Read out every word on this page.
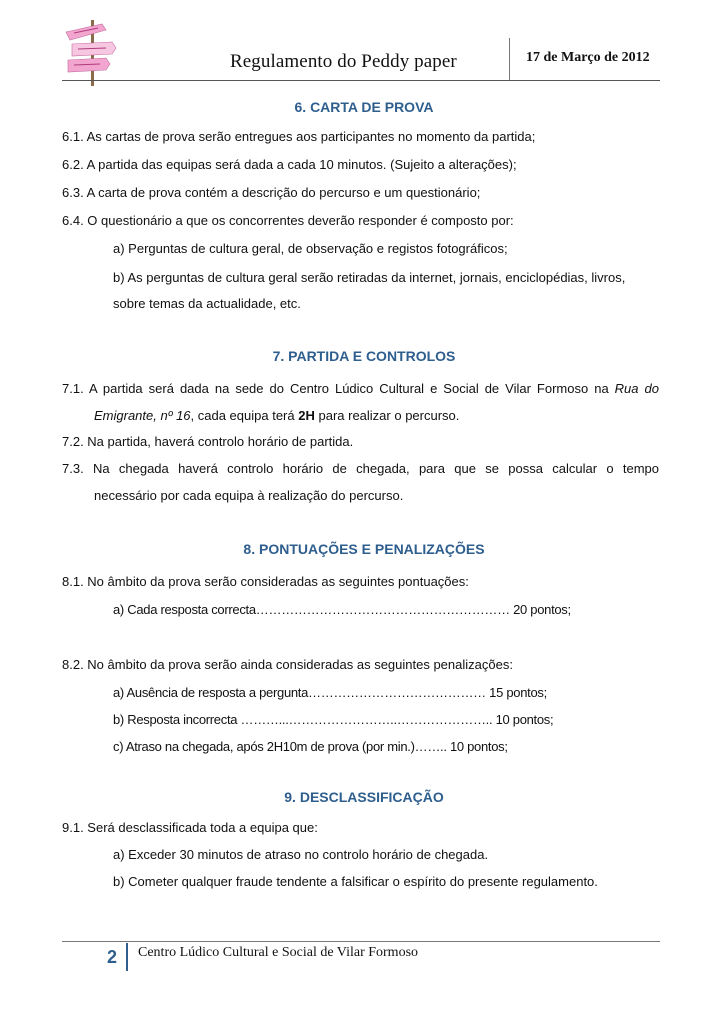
Regulamento do Peddy paper	17 de Março de 2012
6. CARTA DE PROVA
6.1. As cartas de prova serão entregues aos participantes no momento da partida;
6.2. A partida das equipas será dada a cada 10 minutos. (Sujeito a alterações);
6.3. A carta de prova contém a descrição do percurso e um questionário;
6.4. O questionário a que os concorrentes deverão responder é composto por:
a) Perguntas de cultura geral, de observação e registos fotográficos;
b) As perguntas de cultura geral serão retiradas da internet, jornais, enciclopédias, livros,
sobre temas da actualidade, etc.
7. PARTIDA E CONTROLOS
7.1. A partida será dada na sede do Centro Lúdico Cultural e Social de Vilar Formoso na Rua do
Emigrante, nº 16, cada equipa terá 2H para realizar o percurso.
7.2. Na partida, haverá controlo horário de partida.
7.3. Na chegada haverá controlo horário de chegada, para que se possa calcular o tempo
necessário por cada equipa à realização do percurso.
8. PONTUAÇÕES E PENALIZAÇÕES
8.1. No âmbito da prova serão consideradas as seguintes pontuações:
a) Cada resposta correcta…………………………………………………… 20 pontos;
8.2. No âmbito da prova serão ainda consideradas as seguintes penalizações:
a) Ausência de resposta a pergunta…………………………………… 15 pontos;
b) Resposta incorrecta ………...……………………..………………….. 10 pontos;
c) Atraso na chegada, após 2H10m de prova (por min.)…….. 10 pontos;
9. DESCLASSIFICAÇÃO
9.1. Será desclassificada toda a equipa que:
a) Exceder 30 minutos de atraso no controlo horário de chegada.
b) Cometer qualquer fraude tendente a falsificar o espírito do presente regulamento.
2 Centro Lúdico Cultural e Social de Vilar Formoso
